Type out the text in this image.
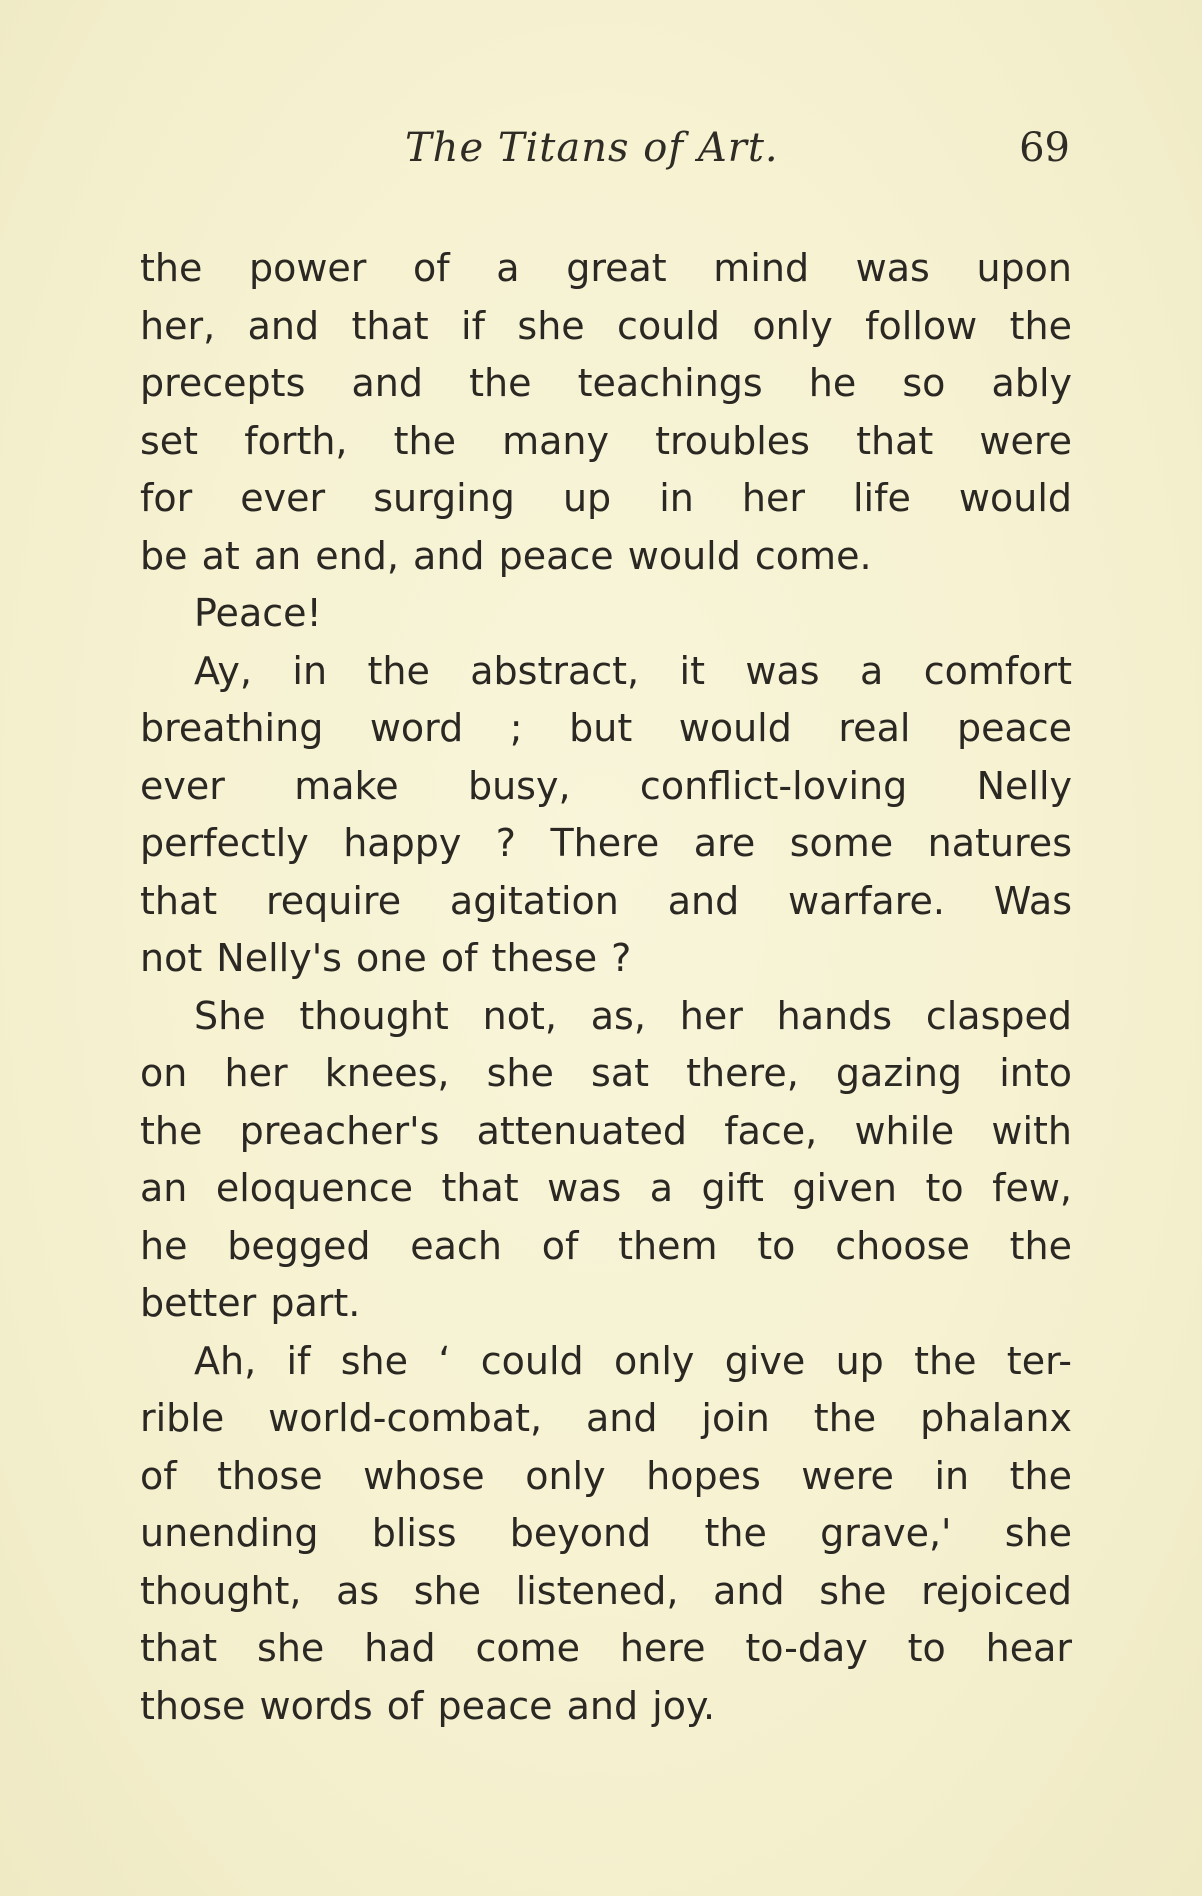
The Titans of Art.	69
the power of a great mind was upon
her, and that if she could only follow the
precepts and the teachings he so ably
set forth, the many troubles that were
for ever surging up in her life would
be at an end, and peace would come.
Peace!
Ay, in the abstract, it was a comfort
breathing word ; but would real peace
ever make busy, conflict-loving Nelly
perfectly happy ? There are some natures
that require agitation and warfare. Was
not Nelly's one of these ?
She thought not, as, her hands clasped
on her knees, she sat there, gazing into
the preacher's attenuated face, while with
an eloquence that was a gift given to few,
he begged each of them to choose the
better part.
Ah, if she ‘ could only give up the ter-
rible world-combat, and join the phalanx
of those whose only hopes were in the
unending bliss beyond the grave,' she
thought, as she listened, and she rejoiced
that she had come here to-day to hear
those words of peace and joy.
